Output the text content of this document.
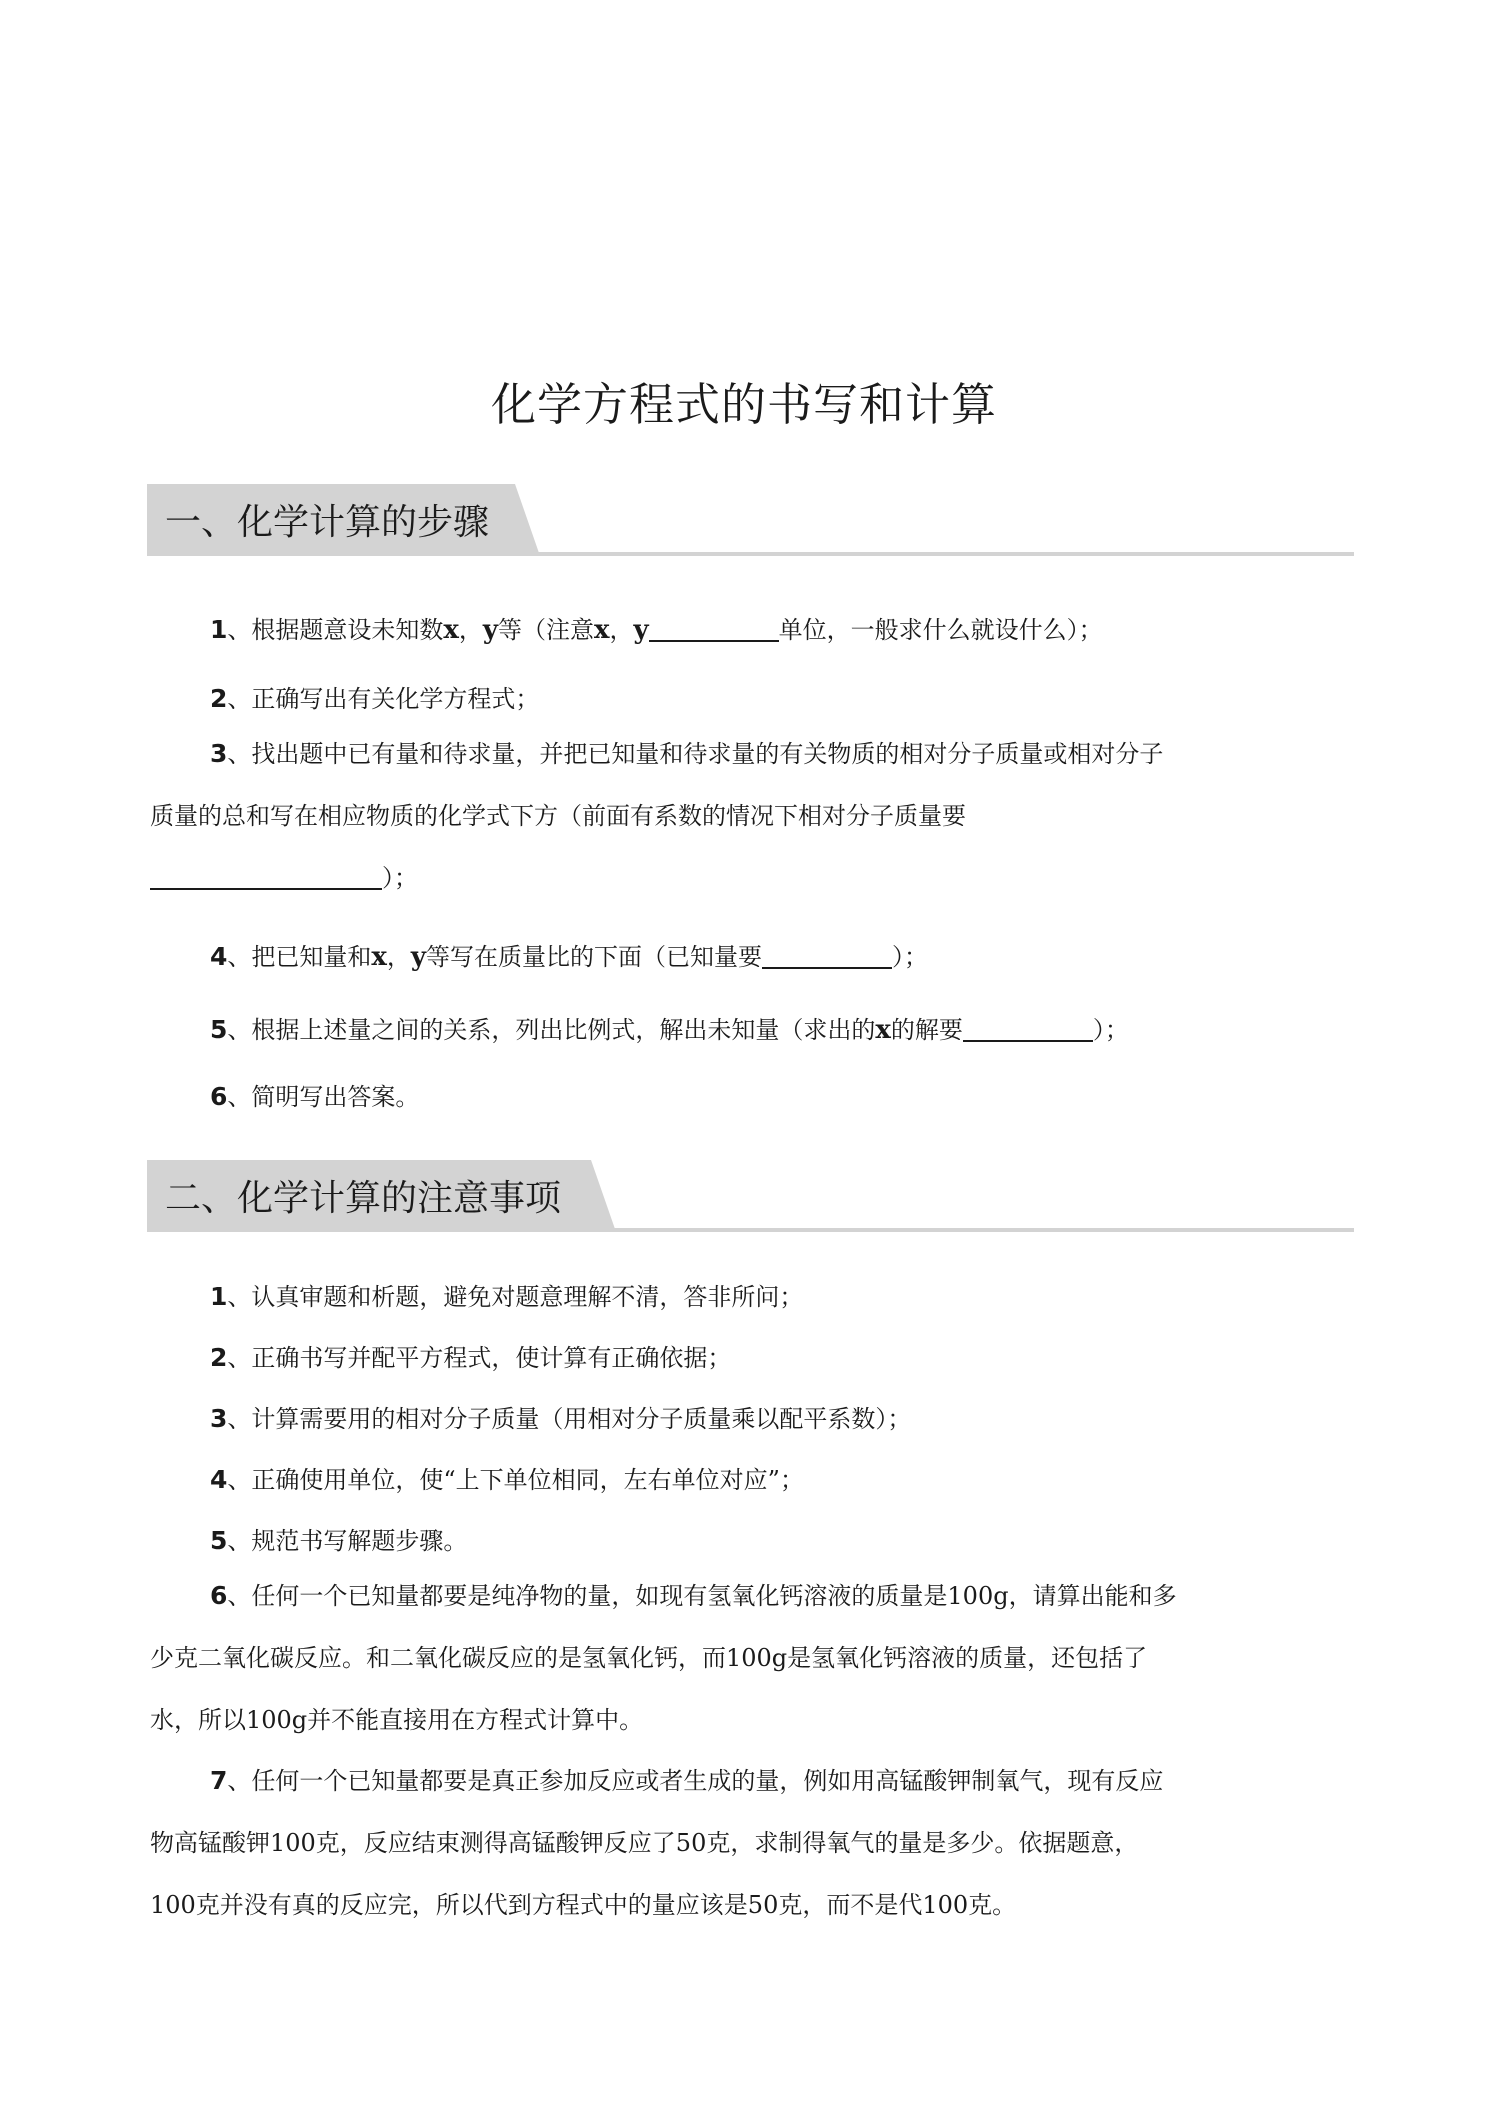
化学方程式的书写和计算
一、化学计算的步骤
1、根据题意设未知数x，y等（注意x，y	单位，一般求什么就设什么）；
2、正确写出有关化学方程式；
3、找出题中已有量和待求量，并把已知量和待求量的有关物质的相对分子质量或相对分子
质量的总和写在相应物质的化学式下方（前面有系数的情况下相对分子质量要
）；
4、把已知量和x，y等写在质量比的下面（已知量要	）；
5、根据上述量之间的关系，列出比例式，解出未知量（求出的x的解要	）；
6、简明写出答案。
二、化学计算的注意事项
1、认真审题和析题，避免对题意理解不清，答非所问；
2、正确书写并配平方程式，使计算有正确依据；
3、计算需要用的相对分子质量（用相对分子质量乘以配平系数）；
4、正确使用单位，使“上下单位相同，左右单位对应”；
5、规范书写解题步骤。
6、任何一个已知量都要是纯净物的量，如现有氢氧化钙溶液的质量是100g，请算出能和多
少克二氧化碳反应。和二氧化碳反应的是氢氧化钙，而100g是氢氧化钙溶液的质量，还包括了
水，所以100g并不能直接用在方程式计算中。
7、任何一个已知量都要是真正参加反应或者生成的量，例如用高锰酸钾制氧气，现有反应
物高锰酸钾100克，反应结束测得高锰酸钾反应了50克，求制得氧气的量是多少。依据题意，
100克并没有真的反应完，所以代到方程式中的量应该是50克，而不是代100克。
